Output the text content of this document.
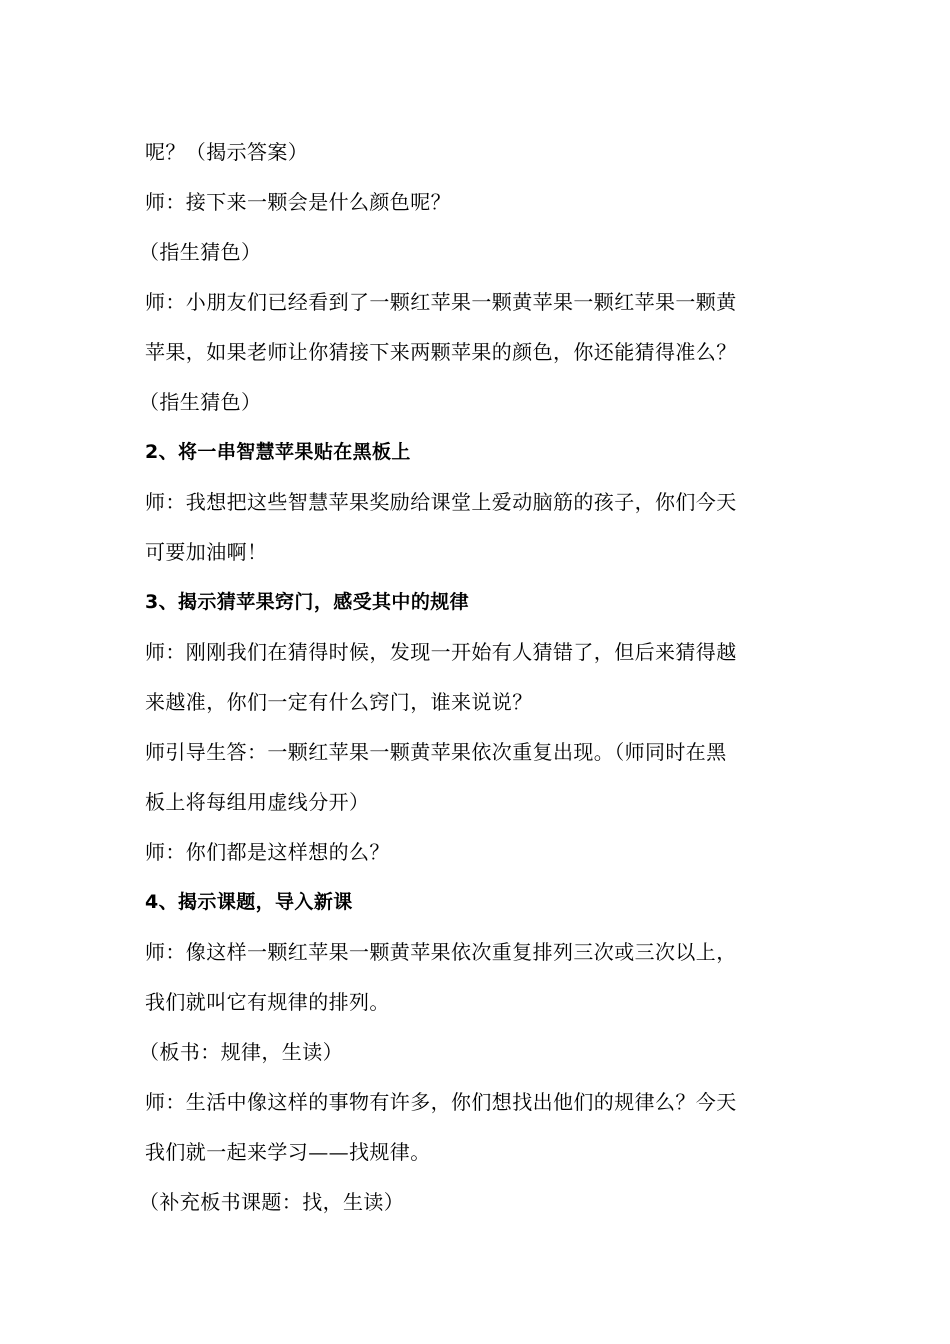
呢？（揭示答案）
师：接下来一颗会是什么颜色呢？
（指生猜色）
师：小朋友们已经看到了一颗红苹果一颗黄苹果一颗红苹果一颗黄
苹果，如果老师让你猜接下来两颗苹果的颜色，你还能猜得准么？
（指生猜色）
2、将一串智慧苹果贴在黑板上
师：我想把这些智慧苹果奖励给课堂上爱动脑筋的孩子，你们今天
可要加油啊！
3、揭示猜苹果窍门，感受其中的规律
师：刚刚我们在猜得时候，发现一开始有人猜错了，但后来猜得越
来越准，你们一定有什么窍门，谁来说说？
师引导生答：一颗红苹果一颗黄苹果依次重复出现。（师同时在黑
板上将每组用虚线分开）
师：你们都是这样想的么？
4、揭示课题，导入新课
师：像这样一颗红苹果一颗黄苹果依次重复排列三次或三次以上，
我们就叫它有规律的排列。
（板书：规律，生读）
师：生活中像这样的事物有许多，你们想找出他们的规律么？今天
我们就一起来学习——找规律。
（补充板书课题：找，生读）
